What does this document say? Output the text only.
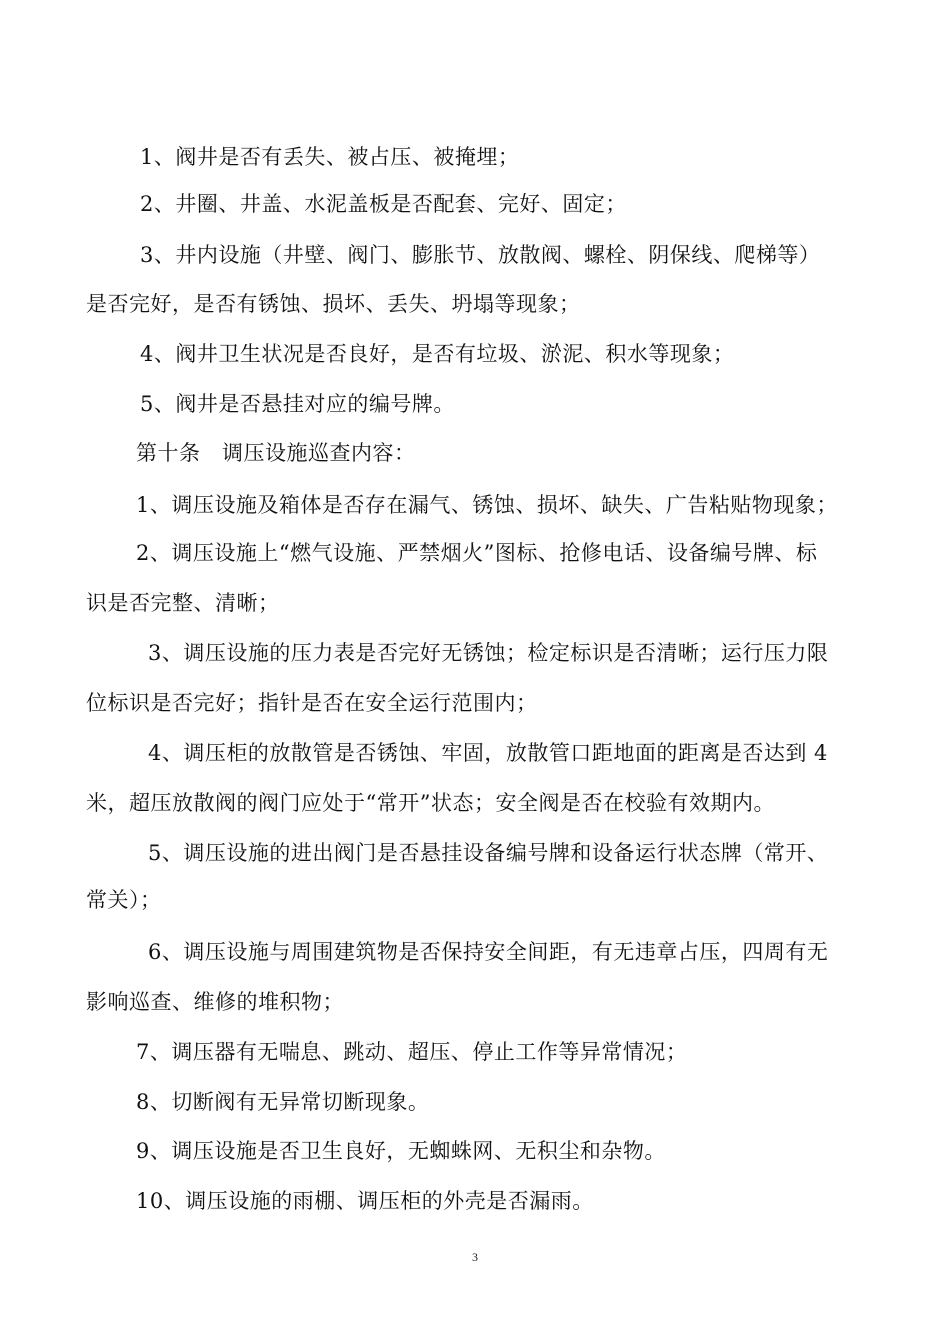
1、阀井是否有丢失、被占压、被掩埋；
2、井圈、井盖、水泥盖板是否配套、完好、固定；
3、井内设施（井壁、阀门、膨胀节、放散阀、螺栓、阴保线、爬梯等）
是否完好，是否有锈蚀、损坏、丢失、坍塌等现象；
4、阀井卫生状况是否良好，是否有垃圾、淤泥、积水等现象；
5、阀井是否悬挂对应的编号牌。
第十条　调压设施巡查内容：
1、调压设施及箱体是否存在漏气、锈蚀、损坏、缺失、广告粘贴物现象；
2、调压设施上“燃气设施、严禁烟火”图标、抢修电话、设备编号牌、标
识是否完整、清晰；
3、调压设施的压力表是否完好无锈蚀；检定标识是否清晰；运行压力限
位标识是否完好；指针是否在安全运行范围内；
4、调压柜的放散管是否锈蚀、牢固，放散管口距地面的距离是否达到 4
米，超压放散阀的阀门应处于“常开”状态；安全阀是否在校验有效期内。
5、调压设施的进出阀门是否悬挂设备编号牌和设备运行状态牌（常开、
常关）；
6、调压设施与周围建筑物是否保持安全间距，有无违章占压，四周有无
影响巡查、维修的堆积物；
7、调压器有无喘息、跳动、超压、停止工作等异常情况；
8、切断阀有无异常切断现象。
9、调压设施是否卫生良好，无蜘蛛网、无积尘和杂物。
10、调压设施的雨棚、调压柜的外壳是否漏雨。
3
